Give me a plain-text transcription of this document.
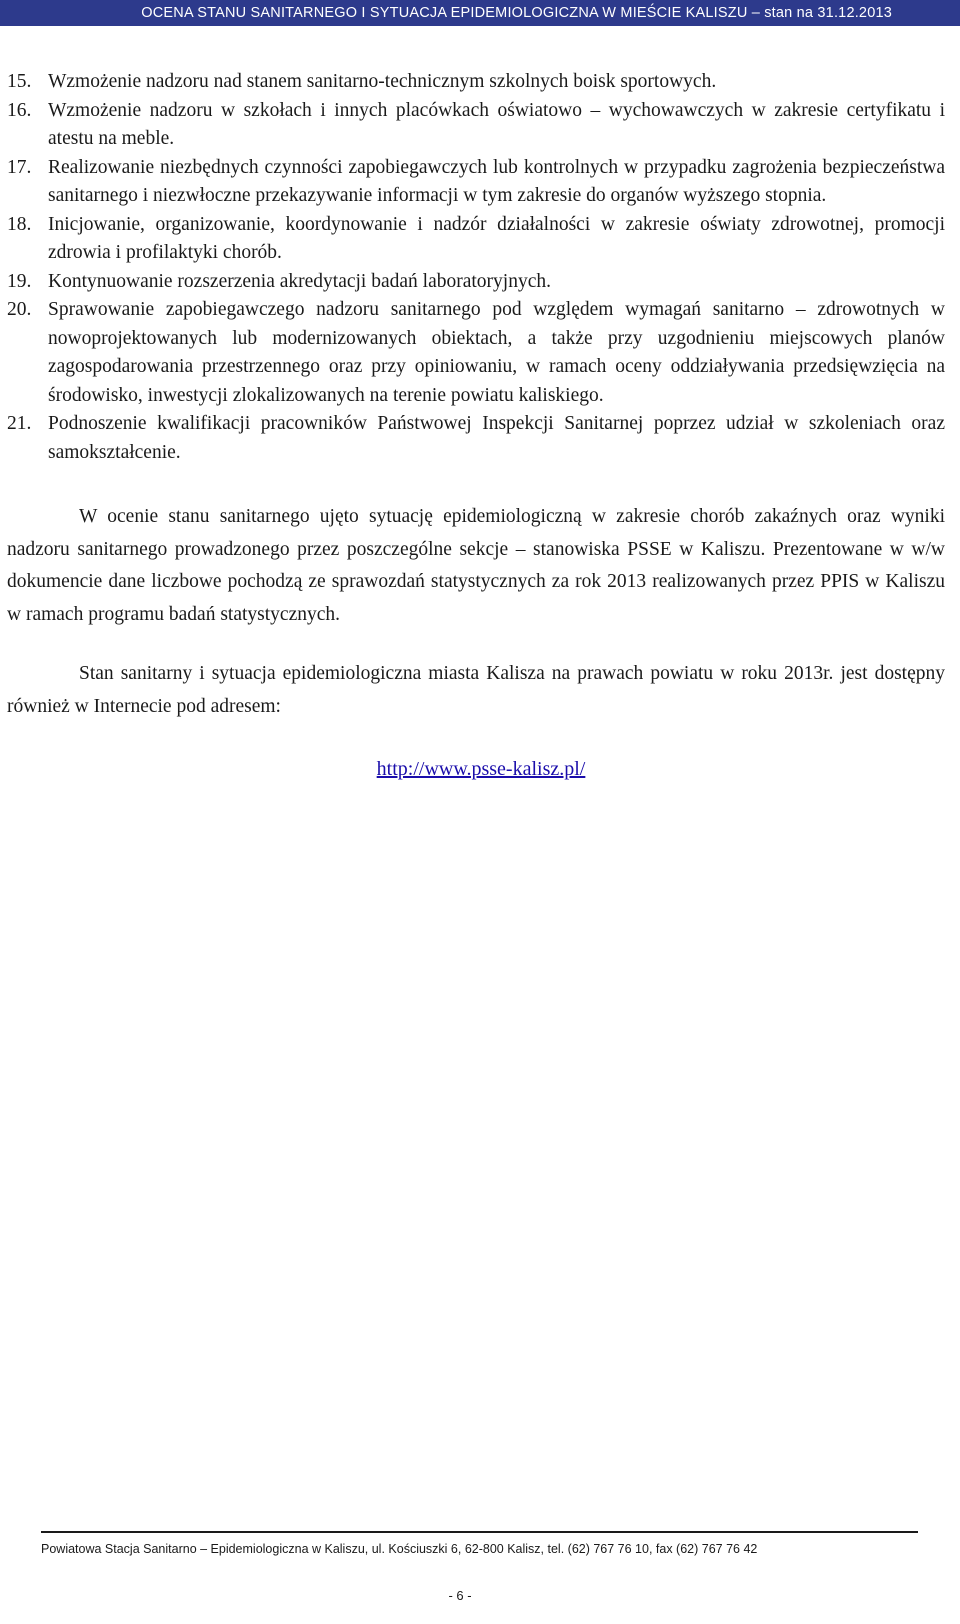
OCENA STANU SANITARNEGO I SYTUACJA EPIDEMIOLOGICZNA W MIEŚCIE KALISZU – stan na 31.12.2013
15. Wzmożenie nadzoru nad stanem sanitarno-technicznym szkolnych boisk sportowych.
16. Wzmożenie nadzoru w szkołach i innych placówkach oświatowo – wychowawczych w zakresie certyfikatu i atestu na meble.
17. Realizowanie niezbędnych czynności zapobiegawczych lub kontrolnych w przypadku zagrożenia bezpieczeństwa sanitarnego i niezwłoczne przekazywanie informacji w tym zakresie do organów wyższego stopnia.
18. Inicjowanie, organizowanie, koordynowanie i nadzór działalności w zakresie oświaty zdrowotnej, promocji zdrowia i profilaktyki chorób.
19. Kontynuowanie rozszerzenia akredytacji badań laboratoryjnych.
20. Sprawowanie zapobiegawczego nadzoru sanitarnego pod względem wymagań sanitarno – zdrowotnych w nowoprojektowanych lub modernizowanych obiektach, a także przy uzgodnieniu miejscowych planów zagospodarowania przestrzennego oraz przy opiniowaniu, w ramach oceny oddziaływania przedsięwzięcia na środowisko, inwestycji zlokalizowanych na terenie powiatu kaliskiego.
21. Podnoszenie kwalifikacji pracowników Państwowej Inspekcji Sanitarnej poprzez udział w szkoleniach oraz samokształcenie.

W ocenie stanu sanitarnego ujęto sytuację epidemiologiczną w zakresie chorób zakaźnych oraz wyniki nadzoru sanitarnego prowadzonego przez poszczególne sekcje – stanowiska PSSE w Kaliszu. Prezentowane w w/w dokumencie dane liczbowe pochodzą ze sprawozdań statystycznych za rok 2013 realizowanych przez PPIS w Kaliszu w ramach programu badań statystycznych.

Stan sanitarny i sytuacja epidemiologiczna miasta Kalisza na prawach powiatu w roku 2013r. jest dostępny również w Internecie pod adresem:

http://www.psse-kalisz.pl/
Powiatowa Stacja Sanitarno – Epidemiologiczna w Kaliszu, ul. Kościuszki 6, 62-800 Kalisz, tel. (62) 767 76 10, fax (62) 767 76 42
- 6 -
